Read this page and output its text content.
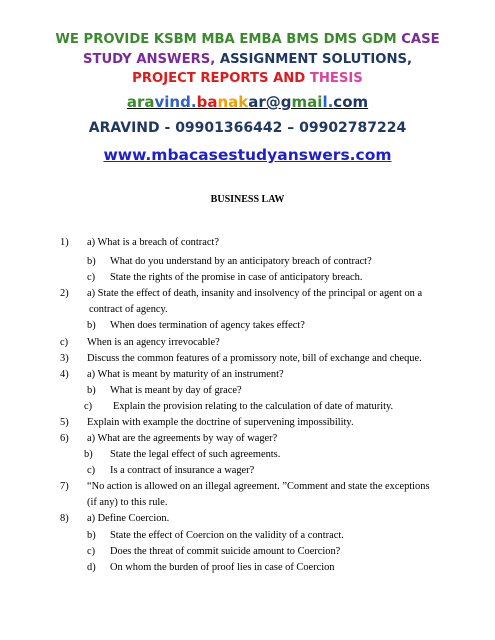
WE PROVIDE KSBM MBA EMBA BMS DMS GDM CASE
STUDY ANSWERS, ASSIGNMENT SOLUTIONS,
PROJECT REPORTS AND THESIS
aravind.banakar@gmail.com
ARAVIND - 09901366442 – 09902787224
www.mbacasestudyanswers.com
BUSINESS LAW
1) a) What is a breach of contract?
b) What do you understand by an anticipatory breach of contract?
c) State the rights of the promise in case of anticipatory breach.
2) a) State the effect of death, insanity and insolvency of the principal or agent on a
contract of agency.
b) When does termination of agency takes effect?
c) When is an agency irrevocable?
3) Discuss the common features of a promissory note, bill of exchange and cheque.
4) a) What is meant by maturity of an instrument?
b) What is meant by day of grace?
c) Explain the provision relating to the calculation of date of maturity.
5) Explain with example the doctrine of supervening impossibility.
6) a) What are the agreements by way of wager?
b) State the legal effect of such agreements.
c) Is a contract of insurance a wager?
7) “No action is allowed on an illegal agreement. ”Comment and state the exceptions
(if any) to this rule.
8) a) Define Coercion.
b) State the effect of Coercion on the validity of a contract.
c) Does the threat of commit suicide amount to Coercion?
d) On whom the burden of proof lies in case of Coercion
